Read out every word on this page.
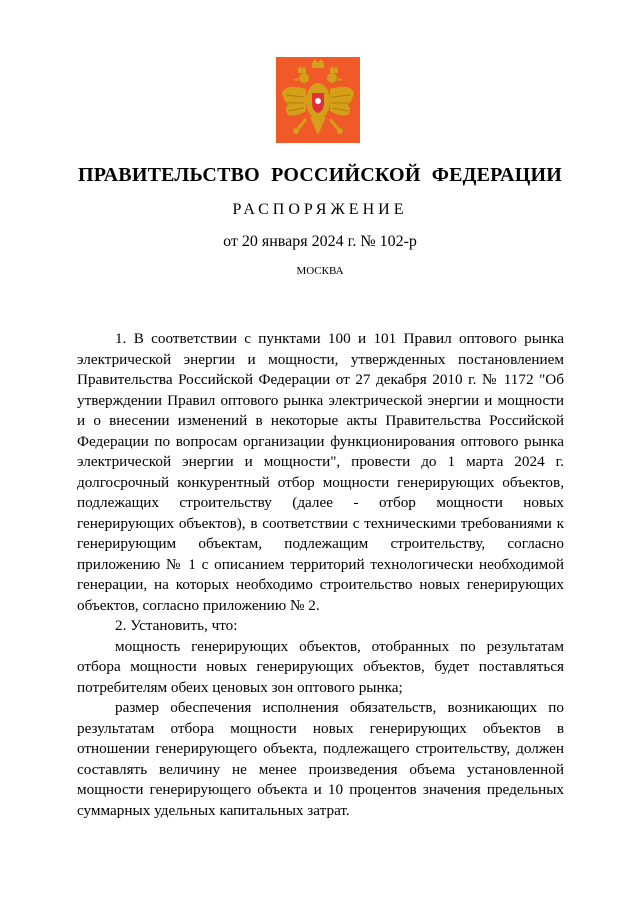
ПРАВИТЕЛЬСТВО РОССИЙСКОЙ ФЕДЕРАЦИИ
РАСПОРЯЖЕНИЕ
от 20 января 2024 г. № 102-р
МОСКВА

1. В соответствии с пунктами 100 и 101 Правил оптового рынка электрической энергии и мощности, утвержденных постановлением Правительства Российской Федерации от 27 декабря 2010 г. № 1172 "Об утверждении Правил оптового рынка электрической энергии и мощности и о внесении изменений в некоторые акты Правительства Российской Федерации по вопросам организации функционирования оптового рынка электрической энергии и мощности", провести до 1 марта 2024 г. долгосрочный конкурентный отбор мощности генерирующих объектов, подлежащих строительству (далее - отбор мощности новых генерирующих объектов), в соответствии с техническими требованиями к генерирующим объектам, подлежащим строительству, согласно приложению № 1 с описанием территорий технологически необходимой генерации, на которых необходимо строительство новых генерирующих объектов, согласно приложению № 2.

2. Установить, что:

мощность генерирующих объектов, отобранных по результатам отбора мощности новых генерирующих объектов, будет поставляться потребителям обеих ценовых зон оптового рынка;

размер обеспечения исполнения обязательств, возникающих по результатам отбора мощности новых генерирующих объектов в отношении генерирующего объекта, подлежащего строительству, должен составлять величину не менее произведения объема установленной мощности генерирующего объекта и 10 процентов значения предельных суммарных удельных капитальных затрат.
